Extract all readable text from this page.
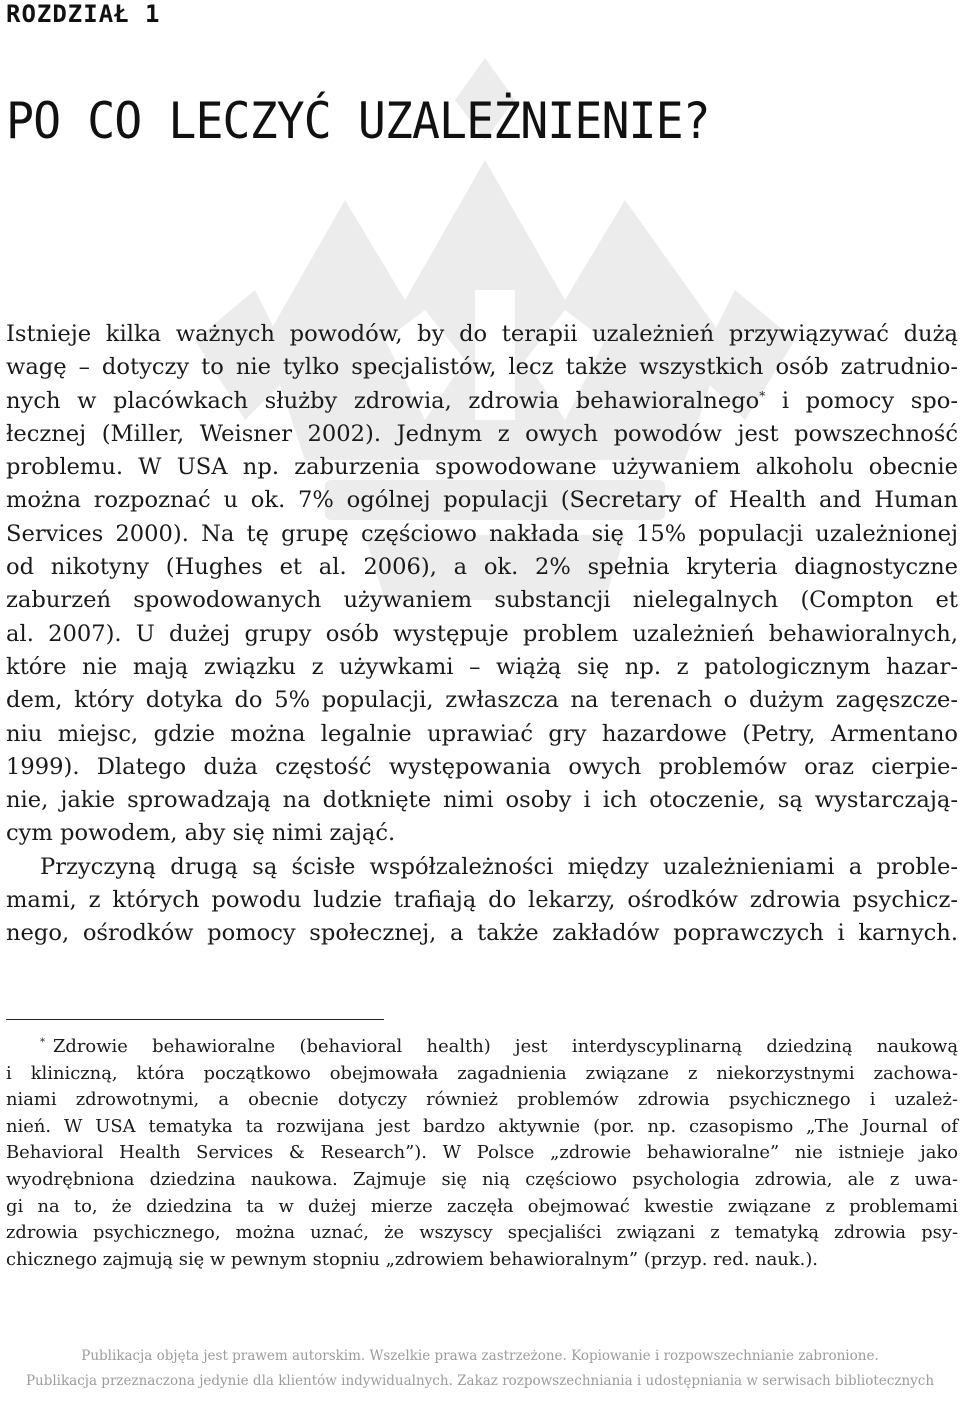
ROZDZIAŁ 1
PO CO LECZYĆ UZALEŻNIENIE?
Istnieje kilka ważnych powodów, by do terapii uzależnień przywiązywać dużą
wagę – dotyczy to nie tylko specjalistów, lecz także wszystkich osób zatrudnio-
nych w placówkach służby zdrowia, zdrowia behawioralnego* i pomocy spo-
łecznej (Miller, Weisner 2002). Jednym z owych powodów jest powszechność
problemu. W USA np. zaburzenia spowodowane używaniem alkoholu obecnie
można rozpoznać u ok. 7% ogólnej populacji (Secretary of Health and Human
Services 2000). Na tę grupę częściowo nakłada się 15% populacji uzależnionej
od nikotyny (Hughes et al. 2006), a ok. 2% spełnia kryteria diagnostyczne
zaburzeń spowodowanych używaniem substancji nielegalnych (Compton et
al. 2007). U dużej grupy osób występuje problem uzależnień behawioralnych,
które nie mają związku z używkami – wiążą się np. z patologicznym hazar-
dem, który dotyka do 5% populacji, zwłaszcza na terenach o dużym zagęszcze-
niu miejsc, gdzie można legalnie uprawiać gry hazardowe (Petry, Armentano
1999). Dlatego duża częstość występowania owych problemów oraz cierpie-
nie, jakie sprowadzają na dotknięte nimi osoby i ich otoczenie, są wystarczają-
cym powodem, aby się nimi zająć.
Przyczyną drugą są ścisłe współzależności między uzależnieniami a proble-
mami, z których powodu ludzie trafiają do lekarzy, ośrodków zdrowia psychicz-
nego, ośrodków pomocy społecznej, a także zakładów poprawczych i karnych.
* Zdrowie behawioralne (behavioral health) jest interdyscyplinarną dziedziną naukową
i kliniczną, która początkowo obejmowała zagadnienia związane z niekorzystnymi zachowa-
niami zdrowotnymi, a obecnie dotyczy również problemów zdrowia psychicznego i uzależ-
nień. W USA tematyka ta rozwijana jest bardzo aktywnie (por. np. czasopismo „The Journal of
Behavioral Health Services & Research”). W Polsce „zdrowie behawioralne” nie istnieje jako
wyodrębniona dziedzina naukowa. Zajmuje się nią częściowo psychologia zdrowia, ale z uwa-
gi na to, że dziedzina ta w dużej mierze zaczęła obejmować kwestie związane z problemami
zdrowia psychicznego, można uznać, że wszyscy specjaliści związani z tematyką zdrowia psy-
chicznego zajmują się w pewnym stopniu „zdrowiem behawioralnym” (przyp. red. nauk.).
Publikacja objęta jest prawem autorskim. Wszelkie prawa zastrzeżone. Kopiowanie i rozpowszechnianie zabronione.
Publikacja przeznaczona jedynie dla klientów indywidualnych. Zakaz rozpowszechniania i udostępniania w serwisach bibliotecznych
